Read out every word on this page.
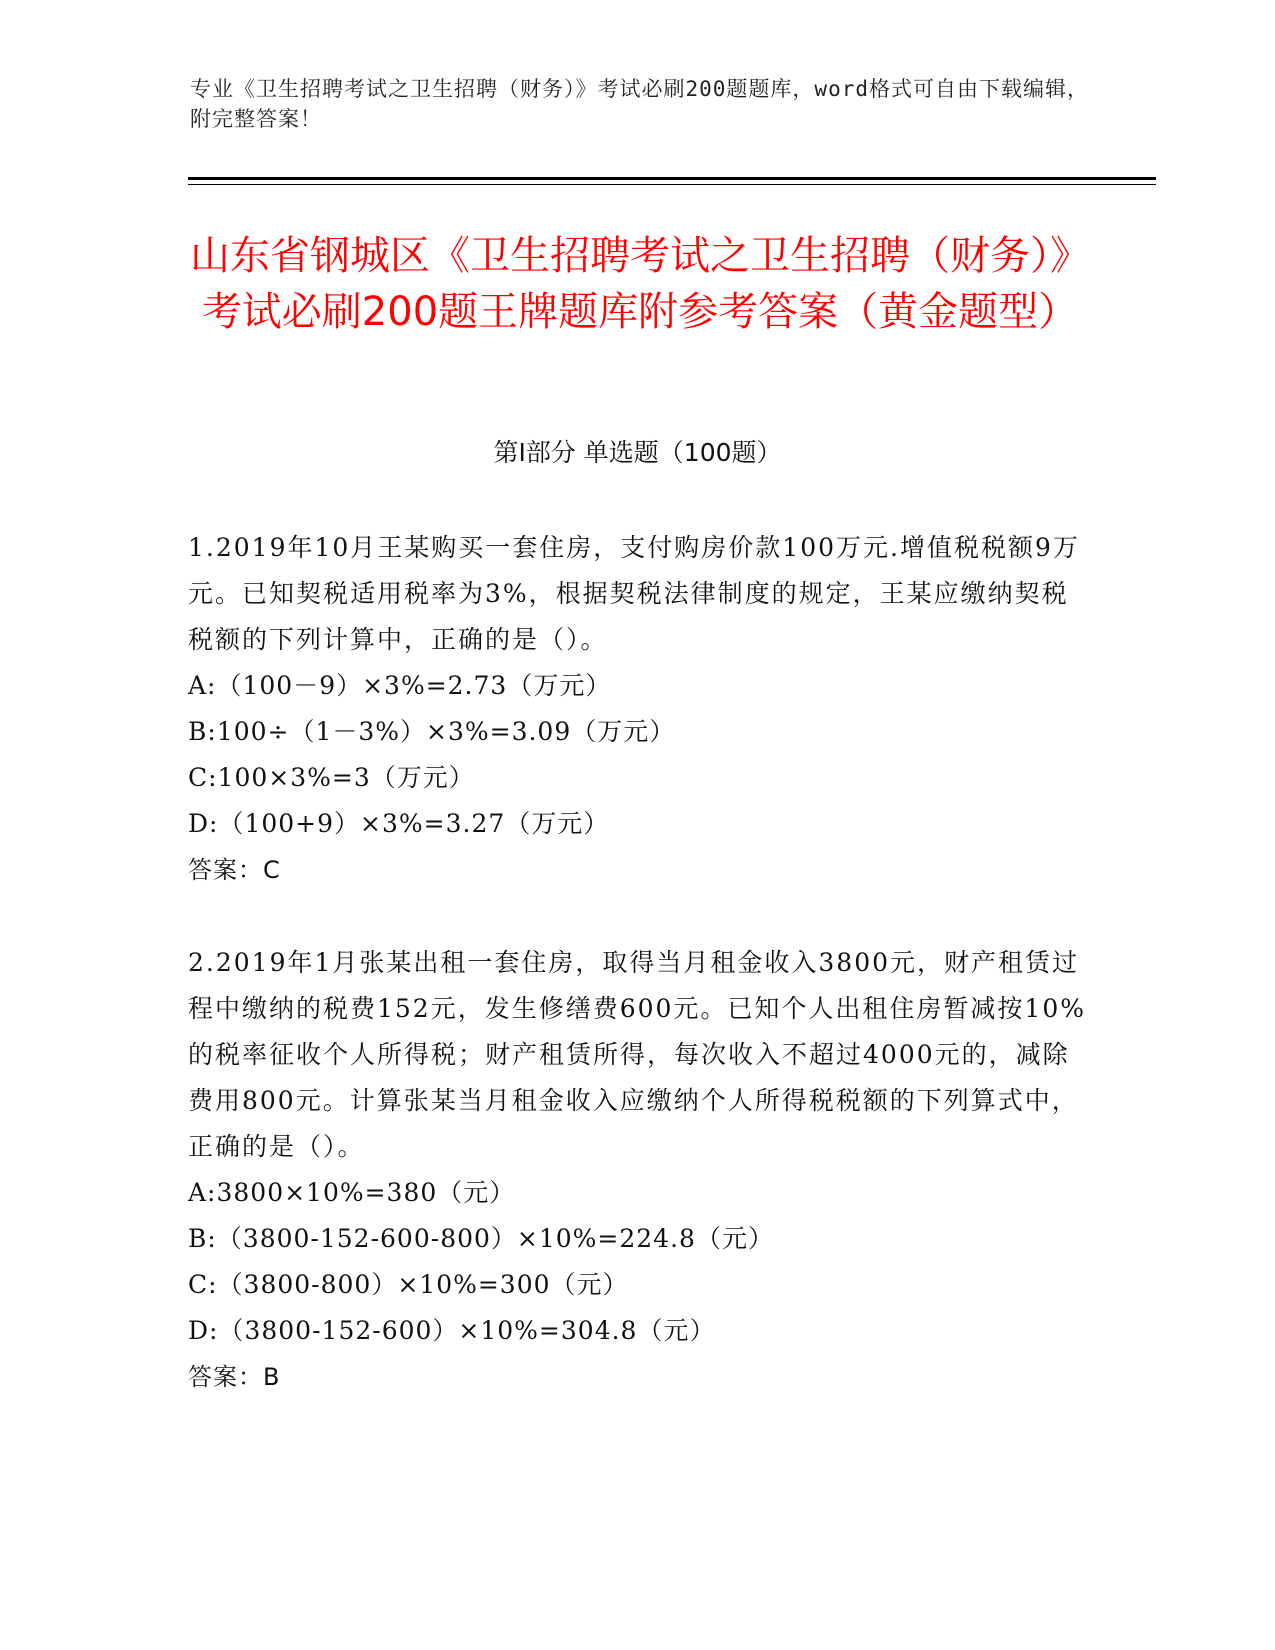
专业《卫生招聘考试之卫生招聘（财务）》考试必刷200题题库，word格式可自由下载编辑，附完整答案！
山东省钢城区《卫生招聘考试之卫生招聘（财务）》考试必刷200题王牌题库附参考答案（黄金题型）
第Ⅰ部分 单选题（100题）

1.2019年10月王某购买一套住房，支付购房价款100万元.增值税税额9万元。已知契税适用税率为3%，根据契税法律制度的规定，王某应缴纳契税税额的下列计算中，正确的是（）。

A:（100－9）×3%=2.73（万元）

B:100÷（1－3%）×3%=3.09（万元）

C:100×3%=3（万元）

D:（100+9）×3%=3.27（万元）

答案：C

2.2019年1月张某出租一套住房，取得当月租金收入3800元，财产租赁过程中缴纳的税费152元，发生修缮费600元。已知个人出租住房暂减按10%的税率征收个人所得税；财产租赁所得，每次收入不超过4000元的，减除费用800元。计算张某当月租金收入应缴纳个人所得税税额的下列算式中，正确的是（）。

A:3800×10%=380（元）

B:（3800-152-600-800）×10%=224.8（元）

C:（3800-800）×10%=300（元）

D:（3800-152-600）×10%=304.8（元）

答案：B
